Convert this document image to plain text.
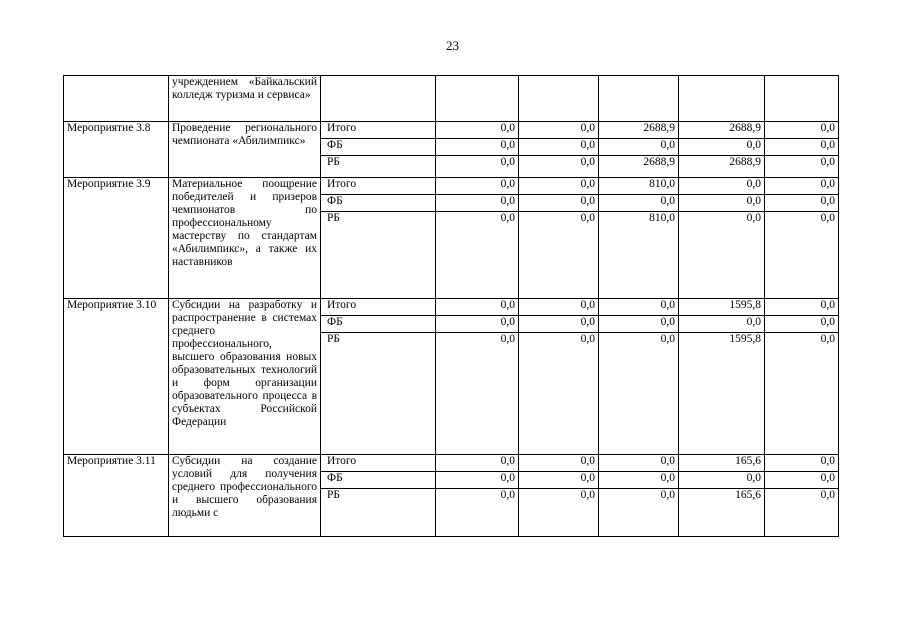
23
	учреждением «Байкальский колледж туризма и сервиса»						
Мероприятие 3.8	Проведение регионального чемпионата «Абилимпикс»	Итого	0,0	0,0	2688,9	2688,9	0,0
		ФБ	0,0	0,0	0,0	0,0	0,0
		РБ	0,0	0,0	2688,9	2688,9	0,0
Мероприятие 3.9	Материальное поощрение победителей и призеров чемпионатов по профессиональному мастерству по стандартам «Абилимпикс», а также их наставников	Итого	0,0	0,0	810,0	0,0	0,0
		ФБ	0,0	0,0	0,0	0,0	0,0
		РБ	0,0	0,0	810,0	0,0	0,0
Мероприятие 3.10	Субсидии на разработку и распространение в системах среднего профессионального, высшего образования новых образовательных технологий и форм организации образовательного процесса в субъектах Российской Федерации	Итого	0,0	0,0	0,0	1595,8	0,0
		ФБ	0,0	0,0	0,0	0,0	0,0
		РБ	0,0	0,0	0,0	1595,8	0,0
Мероприятие 3.11	Субсидии на создание условий для получения среднего профессионального и высшего образования людьми с	Итого	0,0	0,0	0,0	165,6	0,0
		ФБ	0,0	0,0	0,0	0,0	0,0
		РБ	0,0	0,0	0,0	165,6	0,0
